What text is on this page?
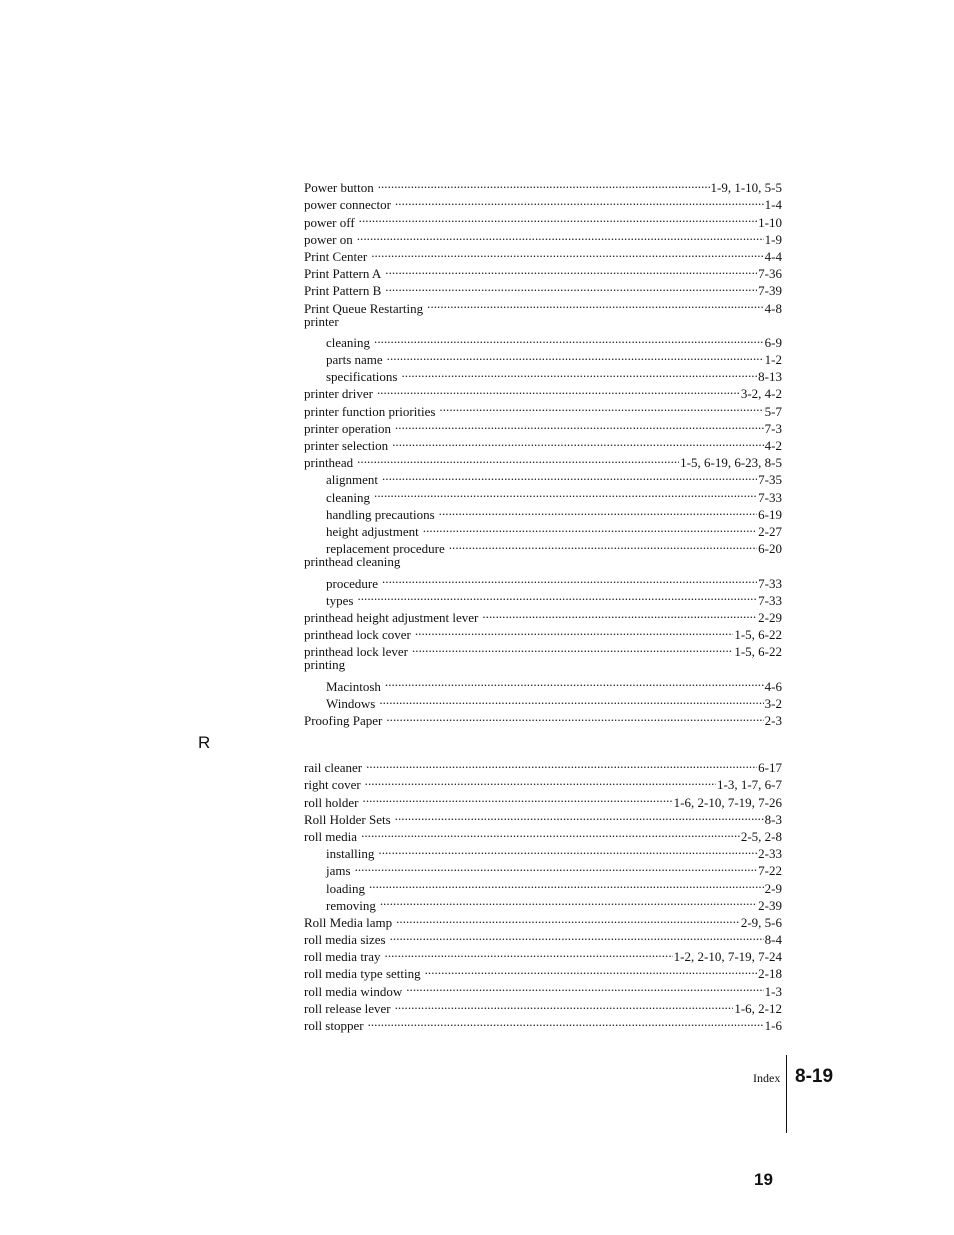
Power button . . .	1-9, 1-10, 5-5
power connector . . .	1-4
power off . . .	1-10
power on . . .	1-9
Print Center . . .	4-4
Print Pattern A . . .	7-36
Print Pattern B . . .	7-39
Print Queue Restarting . . .	4-8
printer
cleaning . . .	6-9
parts name . . .	1-2
specifications . . .	8-13
printer driver . . .	3-2, 4-2
printer function priorities . . .	5-7
printer operation . . .	7-3
printer selection . . .	4-2
printhead . . .	1-5, 6-19, 6-23, 8-5
alignment . . .	7-35
cleaning . . .	7-33
handling precautions . . .	6-19
height adjustment . . .	2-27
replacement procedure . . .	6-20
printhead cleaning
procedure . . .	7-33
types . . .	7-33
printhead height adjustment lever . . .	2-29
printhead lock cover . . .	1-5, 6-22
printhead lock lever . . .	1-5, 6-22
printing
Macintosh . . .	4-6
Windows . . .	3-2
Proofing Paper . . .	2-3
R
rail cleaner . . .	6-17
right cover . . .	1-3, 1-7, 6-7
roll holder . . .	1-6, 2-10, 7-19, 7-26
Roll Holder Sets . . .	8-3
roll media . . .	2-5, 2-8
installing . . .	2-33
jams . . .	7-22
loading . . .	2-9
removing . . .	2-39
Roll Media lamp . . .	2-9, 5-6
roll media sizes . . .	8-4
roll media tray . . .	1-2, 2-10, 7-19, 7-24
roll media type setting . . .	2-18
roll media window . . .	1-3
roll release lever . . .	1-6, 2-12
roll stopper . . .	1-6
Index 8-19
19
